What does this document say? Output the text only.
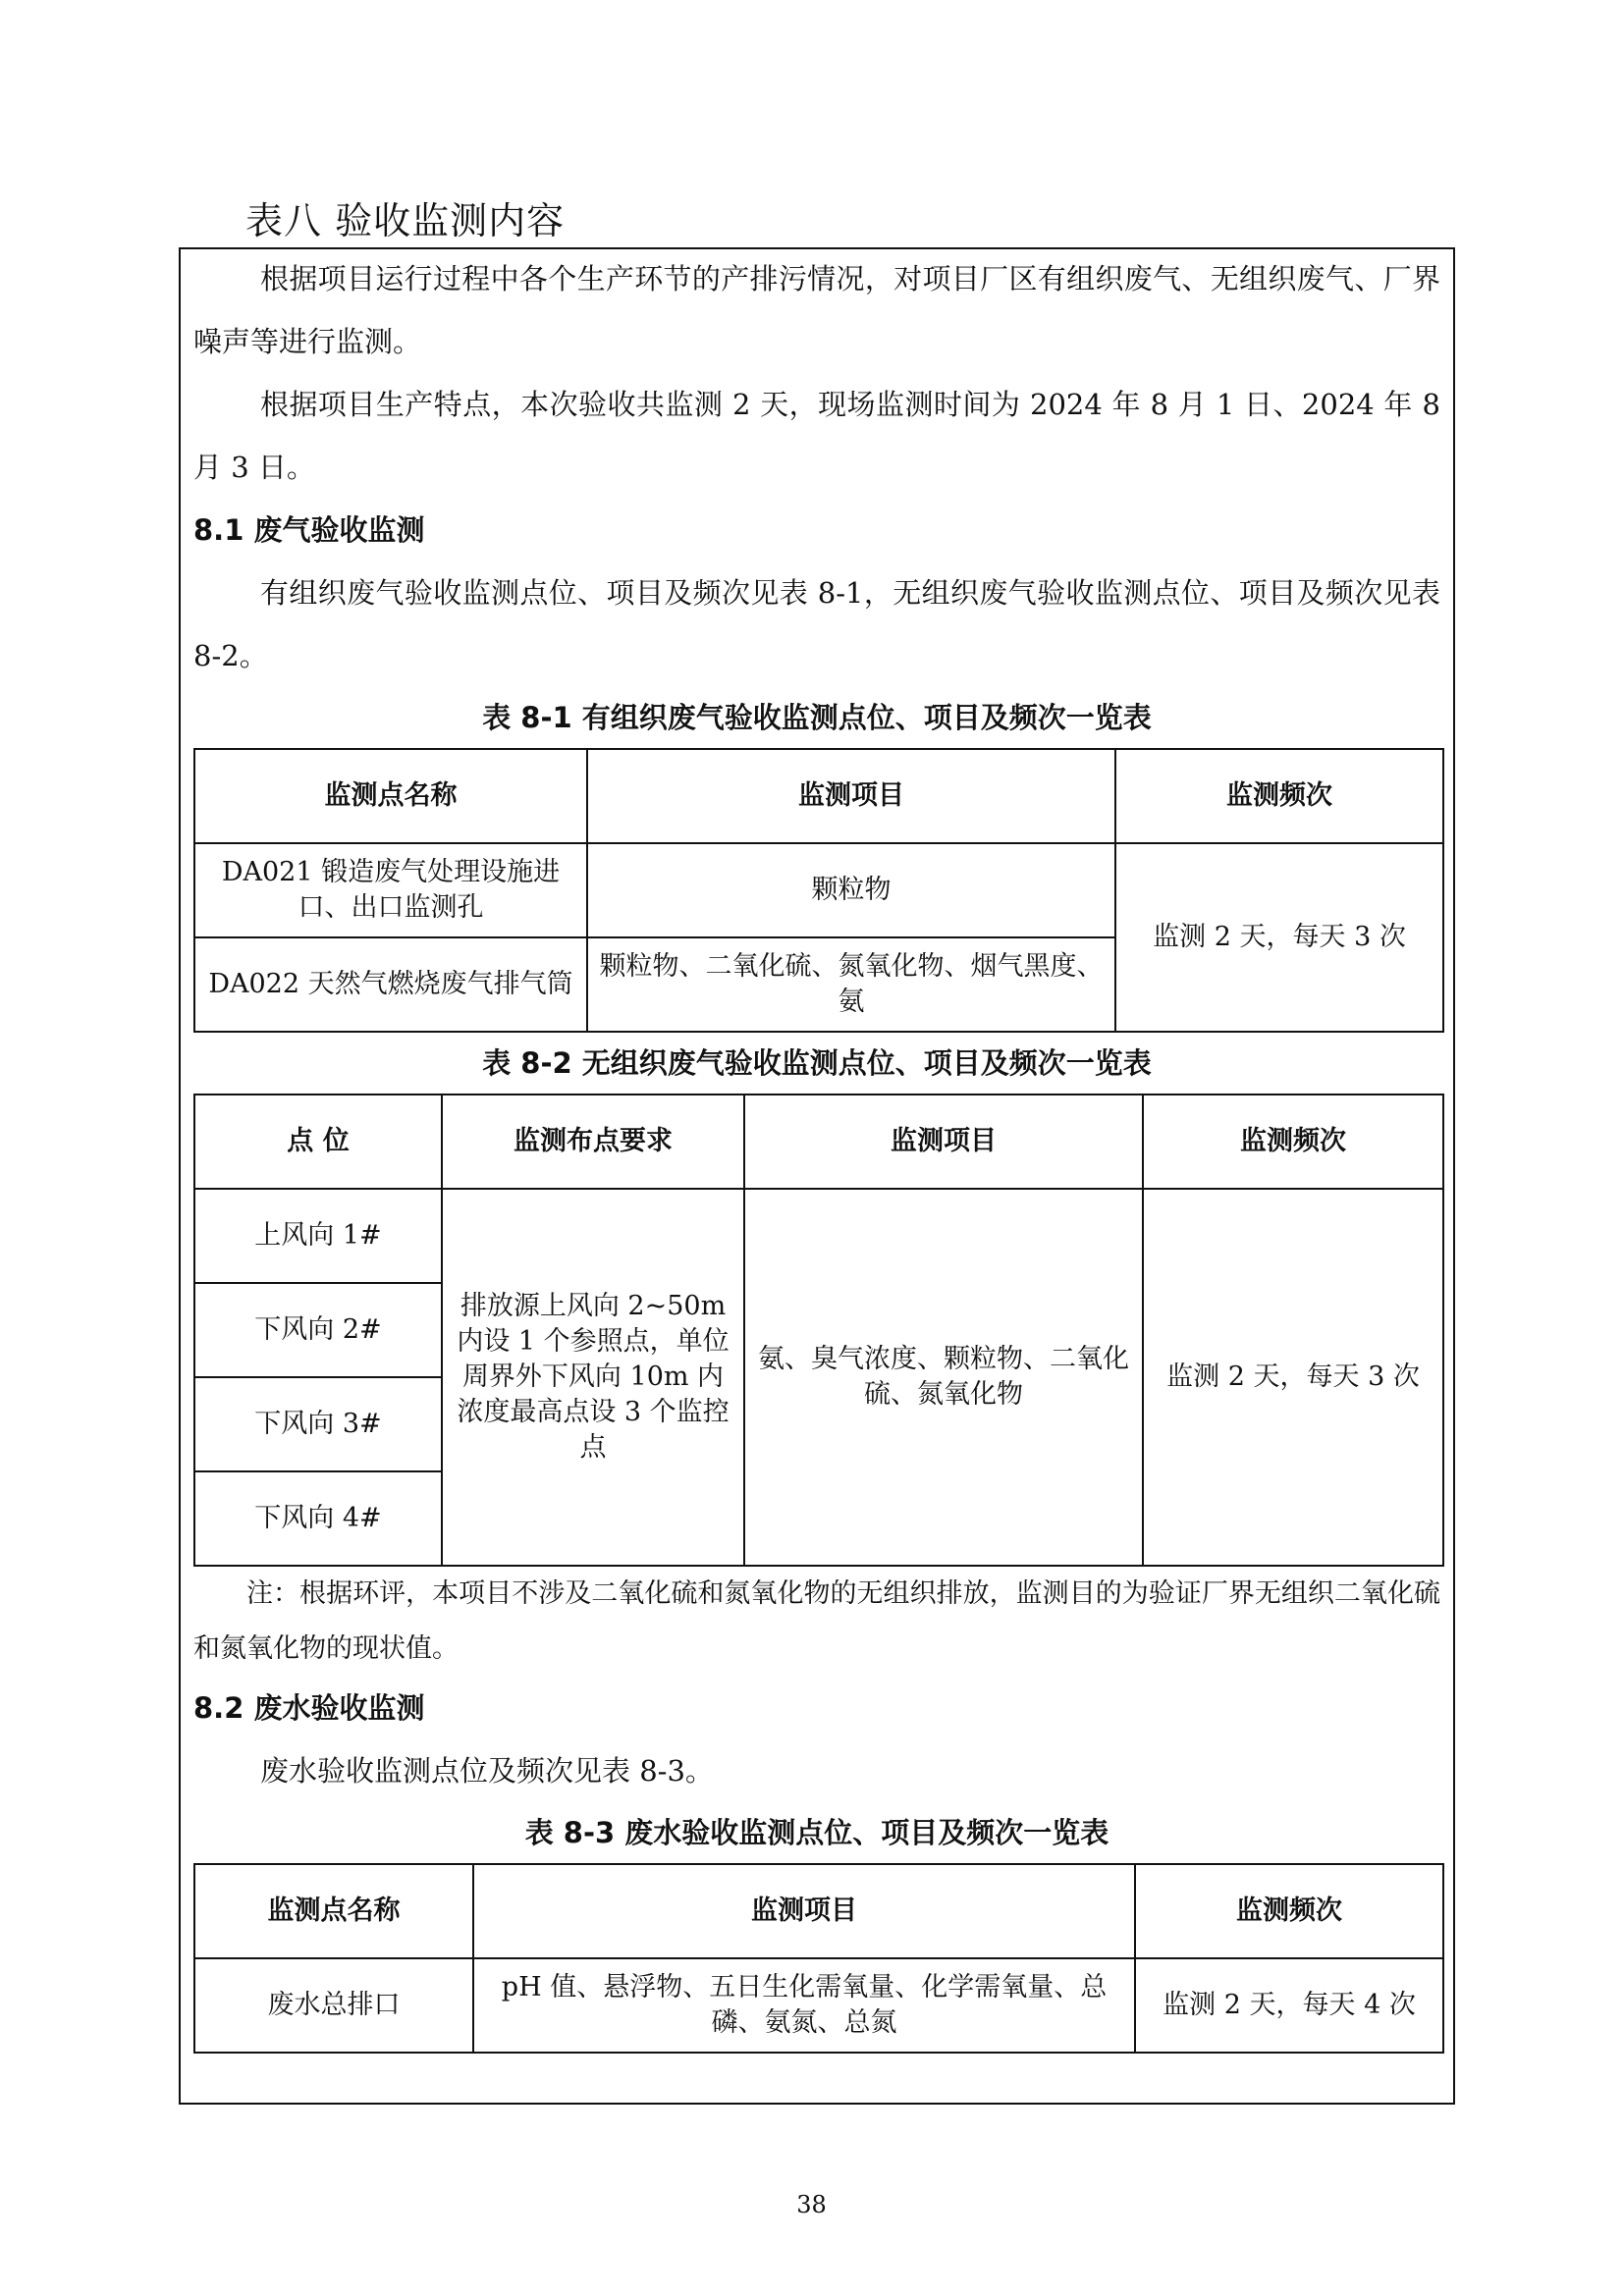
表八 验收监测内容

根据项目运行过程中各个生产环节的产排污情况，对项目厂区有组织废气、无组织废气、厂界噪声等进行监测。

根据项目生产特点，本次验收共监测 2 天，现场监测时间为 2024 年 8 月 1 日、2024 年 8 月 3 日。

8.1 废气验收监测

有组织废气验收监测点位、项目及频次见表 8-1，无组织废气验收监测点位、项目及频次见表 8-2。

表 8-1 有组织废气验收监测点位、项目及频次一览表

监测点名称	监测项目	监测频次
DA021 锻造废气处理设施进口、出口监测孔	颗粒物	监测 2 天，每天 3 次
DA022 天然气燃烧废气排气筒	颗粒物、二氧化硫、氮氧化物、烟气黑度、氨	

表 8-2 无组织废气验收监测点位、项目及频次一览表

点 位	监测布点要求	监测项目	监测频次
上风向 1#	排放源上风向 2~50m 内设 1 个参照点，单位周界外下风向 10m 内浓度最高点设 3 个监控点	氨、臭气浓度、颗粒物、二氧化硫、氮氧化物	监测 2 天，每天 3 次
下风向 2#			
下风向 3#			
下风向 4#			

注：根据环评，本项目不涉及二氧化硫和氮氧化物的无组织排放，监测目的为验证厂界无组织二氧化硫和氮氧化物的现状值。

8.2 废水验收监测

废水验收监测点位及频次见表 8-3。

表 8-3 废水验收监测点位、项目及频次一览表

监测点名称	监测项目	监测频次
废水总排口	pH 值、悬浮物、五日生化需氧量、化学需氧量、总磷、氨氮、总氮	监测 2 天，每天 4 次
38
